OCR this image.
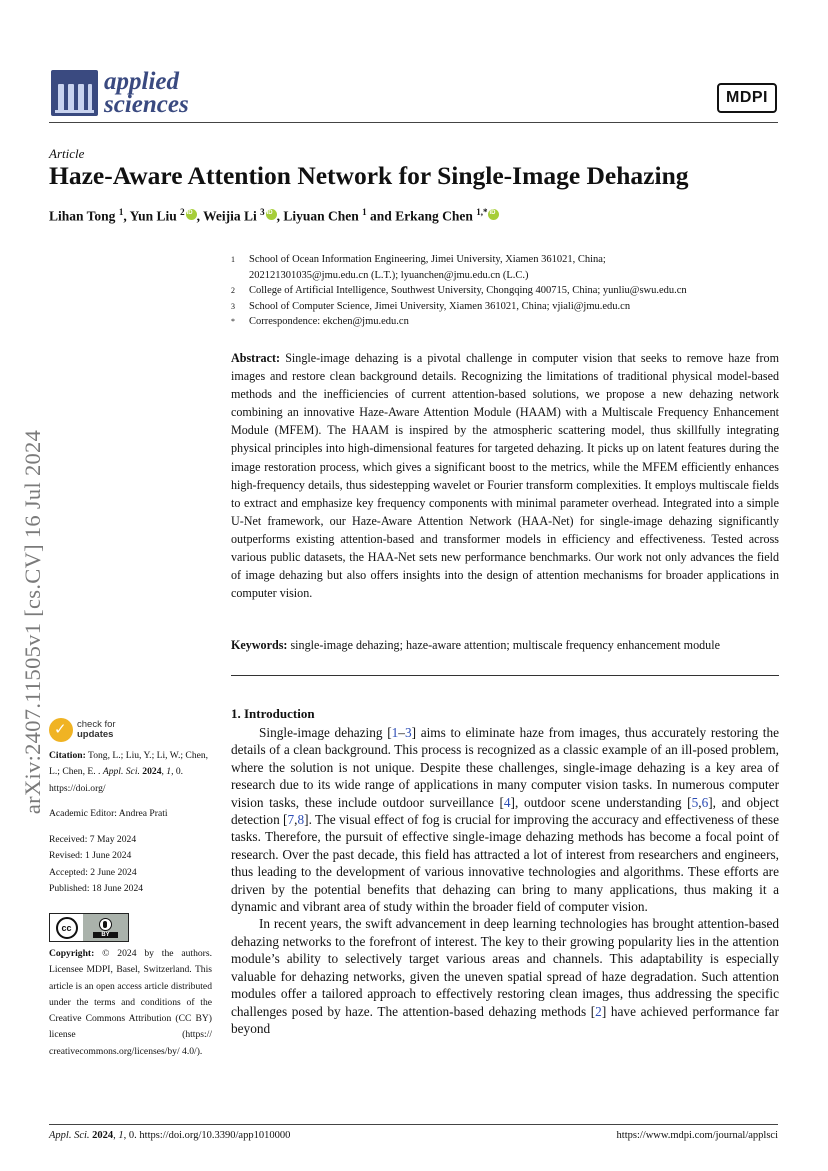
applied
sciences	MDPI
Article
Haze-Aware Attention Network for Single-Image Dehazing
Lihan Tong $^1$, Yun Liu $^2$ iD , Weijia Li $^3$ iD , Liyuan Chen $^1$ and Erkang Chen $^{1,*}$iD
1	School of Ocean Information Engineering, Jimei University, Xiamen 361021, China;
202121301035@jmu.edu.cn (L.T.); lyuanchen@jmu.edu.cn (L.C.)
2	College of Artificial Intelligence, Southwest University, Chongqing 400715, China; yunliu@swu.edu.cn
3	School of Computer Science, Jimei University, Xiamen 361021, China; vjiali@jmu.edu.cn
*	Correspondence: ekchen@jmu.edu.cn
Abstract: Single-image dehazing is a pivotal challenge in computer vision that seeks to remove haze from images and restore clean background details. Recognizing the limitations of traditional physical model-based methods and the inefficiencies of current attention-based solutions, we propose a new dehazing network combining an innovative Haze-Aware Attention Module (HAAM) with a Multiscale Frequency Enhancement Module (MFEM). The HAAM is inspired by the atmospheric scattering model, thus skillfully integrating physical principles into high-dimensional features for targeted dehazing. It picks up on latent features during the image restoration process, which gives a significant boost to the metrics, while the MFEM efficiently enhances high-frequency details, thus sidestepping wavelet or Fourier transform complexities. It employs multiscale fields to extract and emphasize key frequency components with minimal parameter overhead. Integrated into a simple U-Net framework, our Haze-Aware Attention Network (HAA-Net) for single-image dehazing significantly outperforms existing attention-based and transformer models in efficiency and effectiveness. Tested across various public datasets, the HAA-Net sets new performance benchmarks. Our work not only advances the field of image dehazing but also offers insights into the design of attention mechanisms for broader applications in computer vision.
Keywords: single-image dehazing; haze-aware attention; multiscale frequency enhancement module
1. Introduction

Single-image dehazing [1–3] aims to eliminate haze from images, thus accurately restoring the details of a clean background. This process is recognized as a classic example of an ill-posed problem, where the solution is not unique. Despite these challenges, single-image dehazing is a key area of research due to its wide range of applications in many computer vision tasks. In numerous computer vision tasks, these include outdoor surveillance [4], outdoor scene understanding [5,6], and object detection [7,8]. The visual effect of fog is crucial for improving the accuracy and effectiveness of these tasks. Therefore, the pursuit of effective single-image dehazing methods has become a focal point of research. Over the past decade, this field has attracted a lot of interest from researchers and engineers, thus leading to the development of various innovative technologies and algorithms. These efforts are driven by the potential benefits that dehazing can bring to many applications, thus making it a dynamic and vibrant area of study within the broader field of computer vision.

In recent years, the swift advancement in deep learning technologies has brought attention-based dehazing networks to the forefront of interest. The key to their growing popularity lies in the attention module’s ability to selectively target various areas and channels. This adaptability is especially valuable for dehazing networks, given the uneven spatial spread of haze degradation. Such attention modules offer a tailored approach to effectively restoring clean images, thus addressing the specific challenges posed by haze. The attention-based dehazing methods [2] have achieved performance far beyond

arXiv:2407.11505v1 [cs.CV] 16 Jul 2024 ✓	check for
updates
Citation: Tong, L.; Liu, Y.; Li, W.; Chen, L.; Chen, E. . Appl. Sci. 2024, 1, 0. https://doi.org/
Academic Editor: Andrea Prati
Received: 7 May 2024
Revised: 1 June 2024
Accepted: 2 June 2024
Published: 18 June 2024
cc
BY
Copyright: © 2024 by the authors. Licensee MDPI, Basel, Switzerland. This article is an open access article distributed under the terms and conditions of the Creative Commons Attribution (CC BY) license (https:// creativecommons.org/licenses/by/ 4.0/).
Appl. Sci. 2024, 1, 0. https://doi.org/10.3390/app1010000	https://www.mdpi.com/journal/applsci
